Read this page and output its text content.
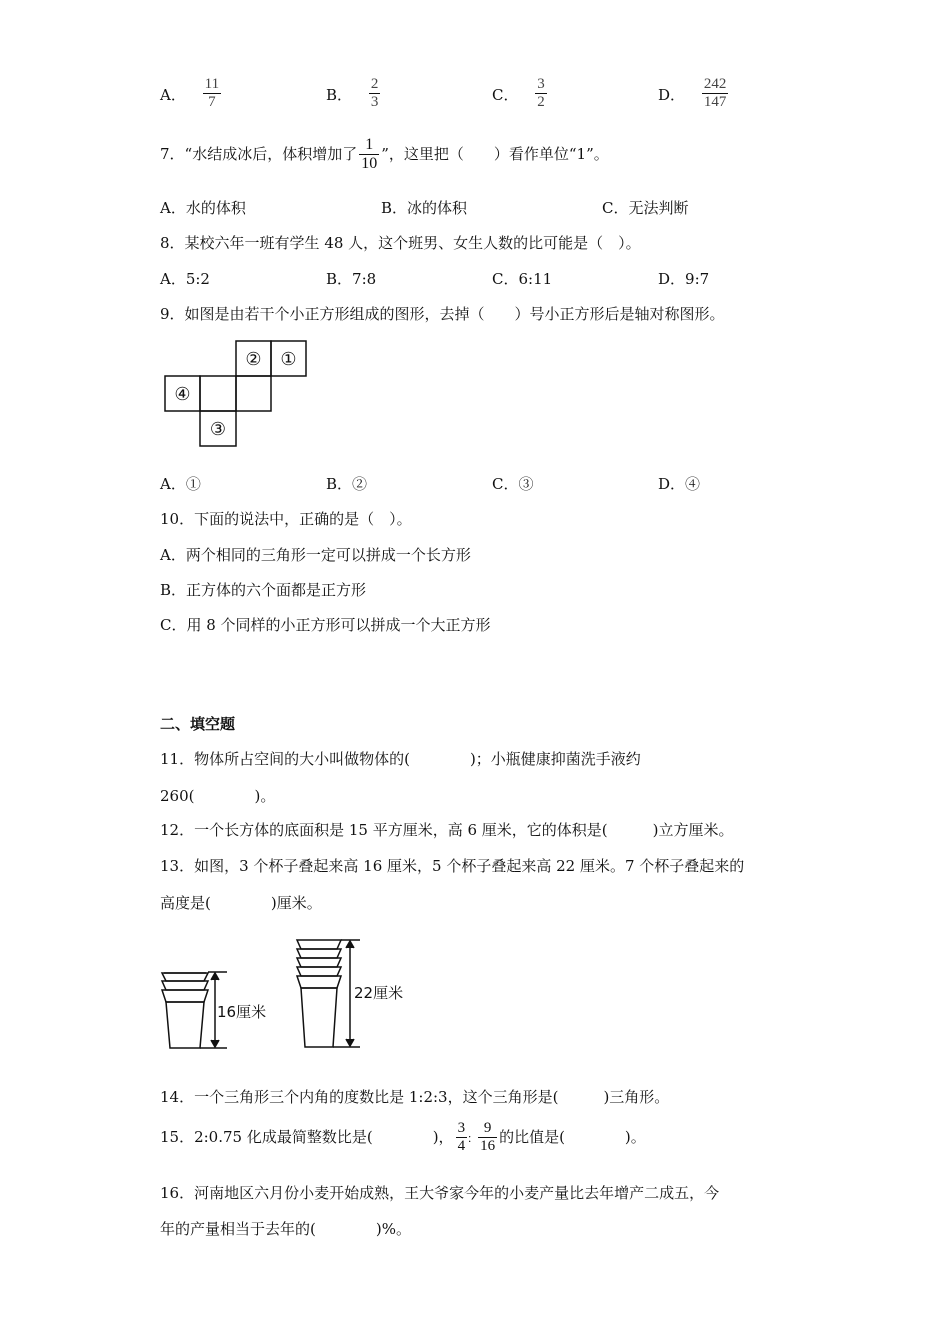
A． $\frac{11}{7}$	B． $\frac{2}{3}$	C． $\frac{3}{2}$	D． $\frac{242}{147}$
7．“水结成冰后，体积增加了 $\frac{1}{10}$ ”，这里把（　　）看作单位“1”。
A．水的体积	B．冰的体积	C．无法判断
8．某校六年一班有学生 48 人，这个班男、女生人数的比可能是（　）。
A．5:2	B．7:8	C．6:11	D．9:7
9．如图是由若干个小正方形组成的图形，去掉（　　）号小正方形后是轴对称图形。
② ①
④
③
A．①	B．②	C．③	D．④
10．下面的说法中，正确的是（　）。
A．两个相同的三角形一定可以拼成一个长方形
B．正方体的六个面都是正方形
C．用 8 个同样的小正方形可以拼成一个大正方形
二、填空题
11．物体所占空间的大小叫做物体的(　　　　)；小瓶健康抑菌洗手液约
260(　　　　)。
12．一个长方体的底面积是 15 平方厘米，高 6 厘米，它的体积是(　　　)立方厘米。
13．如图，3 个杯子叠起来高 16 厘米，5 个杯子叠起来高 22 厘米。7 个杯子叠起来的
高度是(　　　　)厘米。
16厘米
22厘米
14．一个三角形三个内角的度数比是 1:2:3，这个三角形是(　　　)三角形。
15．2:0.75 化成最简整数比是(　　　　)， $\frac{3}{4}$ ： $\frac{9}{16}$ 的比值是(　　　　)。
16．河南地区六月份小麦开始成熟，王大爷家今年的小麦产量比去年增产二成五，今
年的产量相当于去年的(　　　　)%。
